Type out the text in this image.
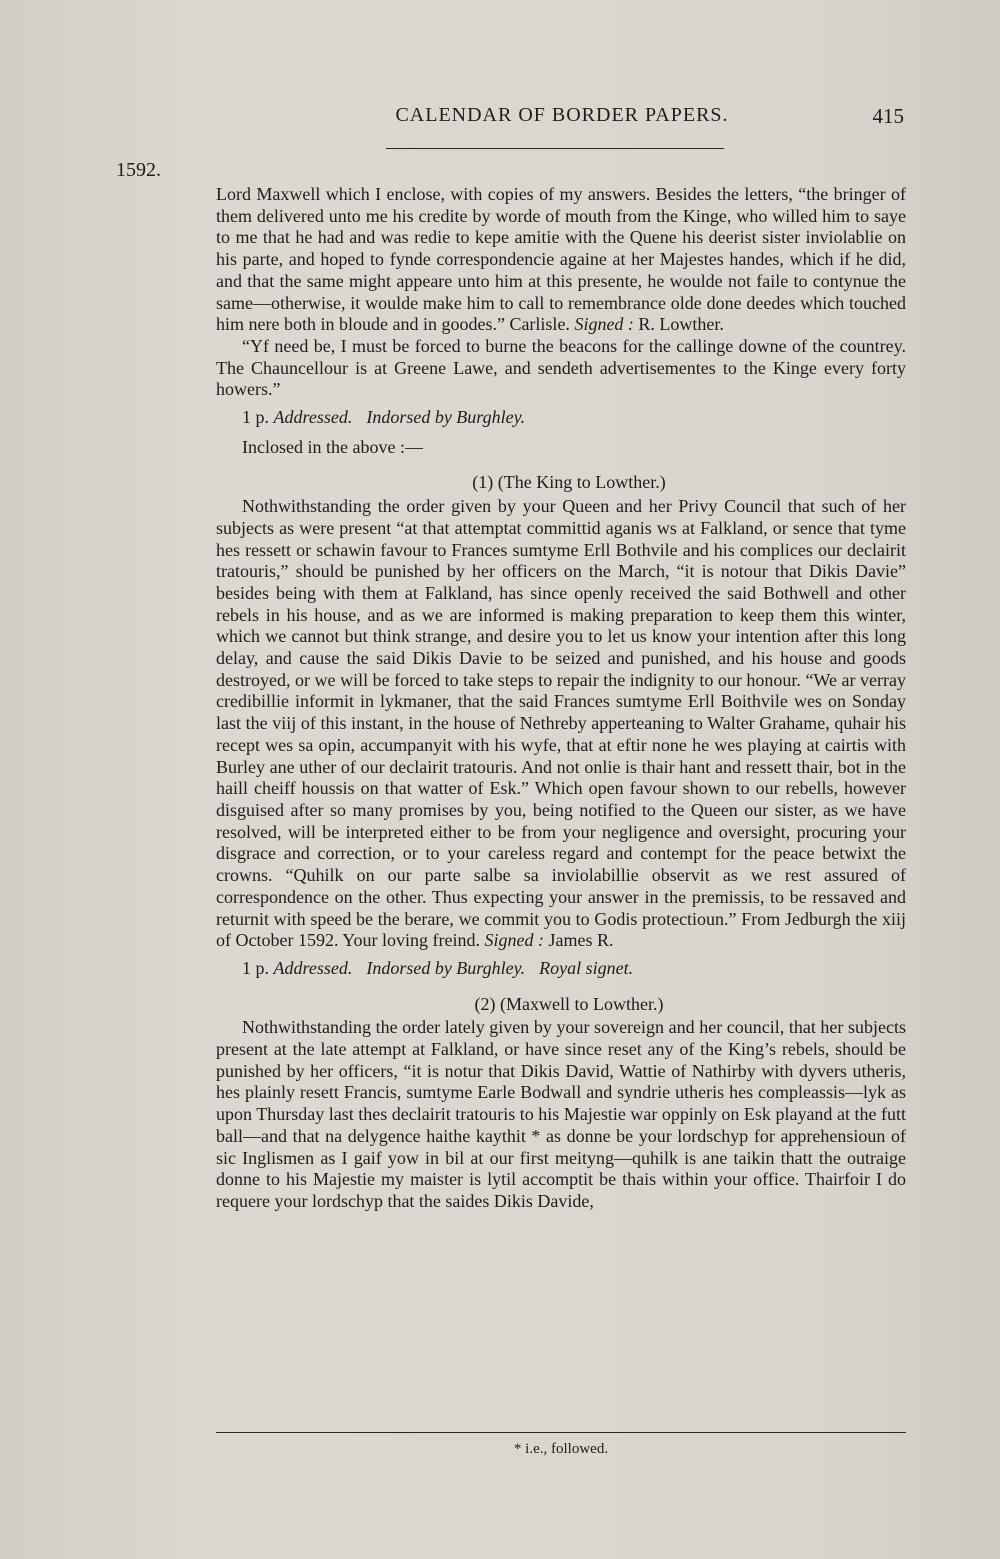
CALENDAR OF BORDER PAPERS.	415
1592.

Lord Maxwell which I enclose, with copies of my answers. Besides the letters, “the bringer of them delivered unto me his credite by worde of mouth from the Kinge, who willed him to saye to me that he had and was redie to kepe amitie with the Quene his deerist sister inviolablie on his parte, and hoped to fynde correspondencie againe at her Majestes handes, which if he did, and that the same might appeare unto him at this presente, he woulde not faile to contynue the same—otherwise, it woulde make him to call to remembrance olde done deedes which touched him nere both in bloude and in goodes.” Carlisle. Signed : R. Lowther.

“Yf need be, I must be forced to burne the beacons for the callinge downe of the countrey. The Chauncellour is at Greene Lawe, and sendeth advertisementes to the Kinge every forty howers.”

1 p. Addressed. Indorsed by Burghley.

Inclosed in the above :—

(1) (The King to Lowther.)

Nothwithstanding the order given by your Queen and her Privy Council that such of her subjects as were present “at that attemptat committid aganis ws at Falkland, or sence that tyme hes ressett or schawin favour to Frances sumtyme Erll Bothvile and his complices our declairit tratouris,” should be punished by her officers on the March, “it is notour that Dikis Davie” besides being with them at Falkland, has since openly received the said Bothwell and other rebels in his house, and as we are informed is making preparation to keep them this winter, which we cannot but think strange, and desire you to let us know your intention after this long delay, and cause the said Dikis Davie to be seized and punished, and his house and goods destroyed, or we will be forced to take steps to repair the indignity to our honour. “We ar verray credibillie informit in lykmaner, that the said Frances sumtyme Erll Boithvile wes on Sonday last the viij of this instant, in the house of Nethreby apperteaning to Walter Grahame, quhair his recept wes sa opin, accumpanyit with his wyfe, that at eftir none he wes playing at cairtis with Burley ane uther of our declairit tratouris. And not onlie is thair hant and ressett thair, bot in the haill cheiff houssis on that watter of Esk.” Which open favour shown to our rebells, however disguised after so many promises by you, being notified to the Queen our sister, as we have resolved, will be interpreted either to be from your negligence and oversight, procuring your disgrace and correction, or to your careless regard and contempt for the peace betwixt the crowns. “Quhilk on our parte salbe sa inviolabillie observit as we rest assured of correspondence on the other. Thus expecting your answer in the premissis, to be ressaved and returnit with speed be the berare, we commit you to Godis protectioun.” From Jedburgh the xiij of October 1592. Your loving freind. Signed : James R.

1 p. Addressed. Indorsed by Burghley. Royal signet.

(2) (Maxwell to Lowther.)

Nothwithstanding the order lately given by your sovereign and her council, that her subjects present at the late attempt at Falkland, or have since reset any of the King’s rebels, should be punished by her officers, “it is notur that Dikis David, Wattie of Nathirby with dyvers utheris, hes plainly resett Francis, sumtyme Earle Bodwall and syndrie utheris hes compleassis—lyk as upon Thursday last thes declairit tratouris to his Majestie war oppinly on Esk playand at the futt ball—and that na delygence haithe kaythit * as donne be your lordschyp for apprehensioun of sic Inglismen as I gaif yow in bil at our first meityng—quhilk is ane taikin thatt the outraige donne to his Majestie my maister is lytil accomptit be thais within your office. Thairfoir I do requere your lordschyp that the saides Dikis Davide,

* i.e., followed.
